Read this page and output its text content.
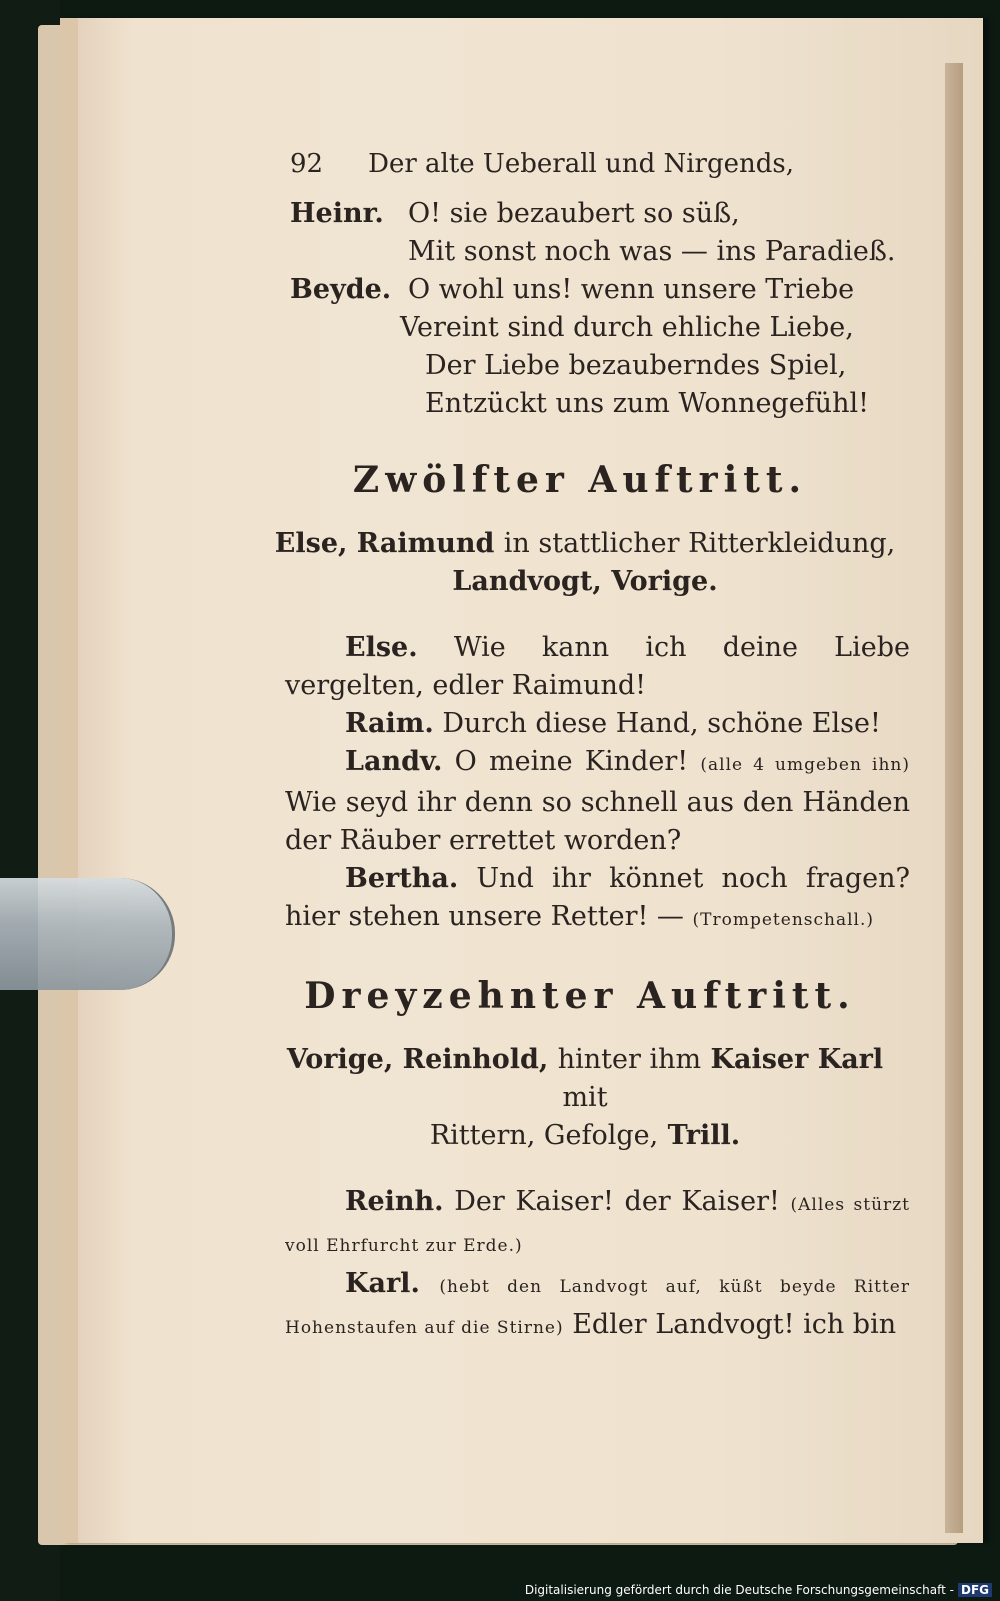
92 Der alte Ueberall und Nirgends,
Heinr. O! sie bezaubert so süß,
Mit sonst noch was — ins Paradieß.
Beyde. O wohl uns! wenn unsere Triebe
Vereint sind durch ehliche Liebe,
Der Liebe bezauberndes Spiel,
Entzückt uns zum Wonnegefühl!
Zwölfter Auftritt.
Else, Raimund in stattlicher Ritterkleidung,
Landvogt, Vorige.
Else. Wie kann ich deine Liebe vergelten, edler Raimund!
Raim. Durch diese Hand, schöne Else!
Landv. O meine Kinder! (alle 4 umgeben ihn) Wie seyd ihr denn so schnell aus den Händen der Räuber errettet worden?
Bertha. Und ihr könnet noch fragen? hier stehen unsere Retter! — (Trompetenschall.)
Dreyzehnter Auftritt.
Vorige, Reinhold, hinter ihm Kaiser Karl mit
Rittern, Gefolge, Trill.
Reinh. Der Kaiser! der Kaiser! (Alles stürzt voll Ehrfurcht zur Erde.)
Karl. (hebt den Landvogt auf, küßt beyde Ritter Hohenstaufen auf die Stirne) Edler Landvogt! ich bin
Digitalisierung gefördert durch die Deutsche Forschungsgemeinschaft - DFG
